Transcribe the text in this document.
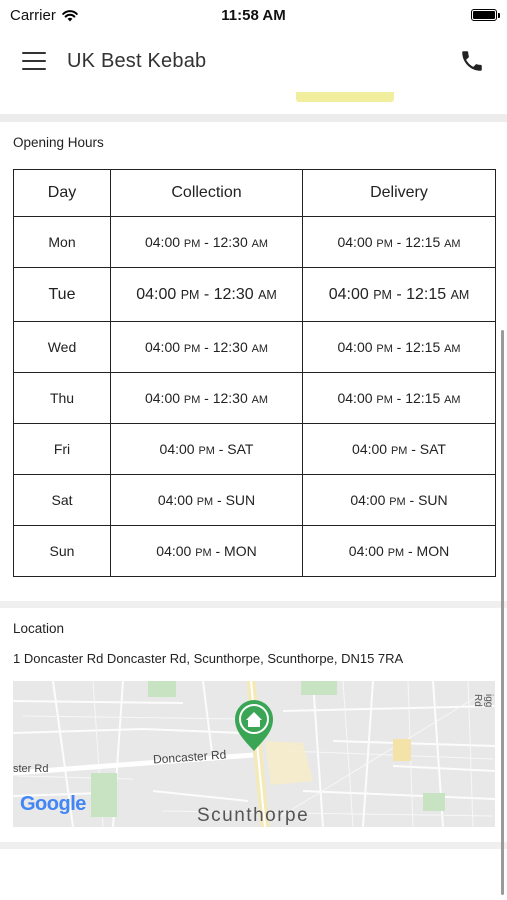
Carrier	11:58 AM
UK Best Kebab
Opening Hours
Day	Collection	Delivery
Mon	04:00 PM - 12:30 AM	04:00 PM - 12:15 AM
Tue	04:00 PM - 12:30 AM	04:00 PM - 12:15 AM
Wed	04:00 PM - 12:30 AM	04:00 PM - 12:15 AM
Thu	04:00 PM - 12:30 AM	04:00 PM - 12:15 AM
Fri	04:00 PM - SAT	04:00 PM - SAT
Sat	04:00 PM - SUN	04:00 PM - SUN
Sun	04:00 PM - MON	04:00 PM - MON
Location
1 Doncaster Rd Doncaster Rd, Scunthorpe, Scunthorpe, DN15 7RA
Doncaster Rd
ster Rd
igg Rd
Scunthorpe
Google
